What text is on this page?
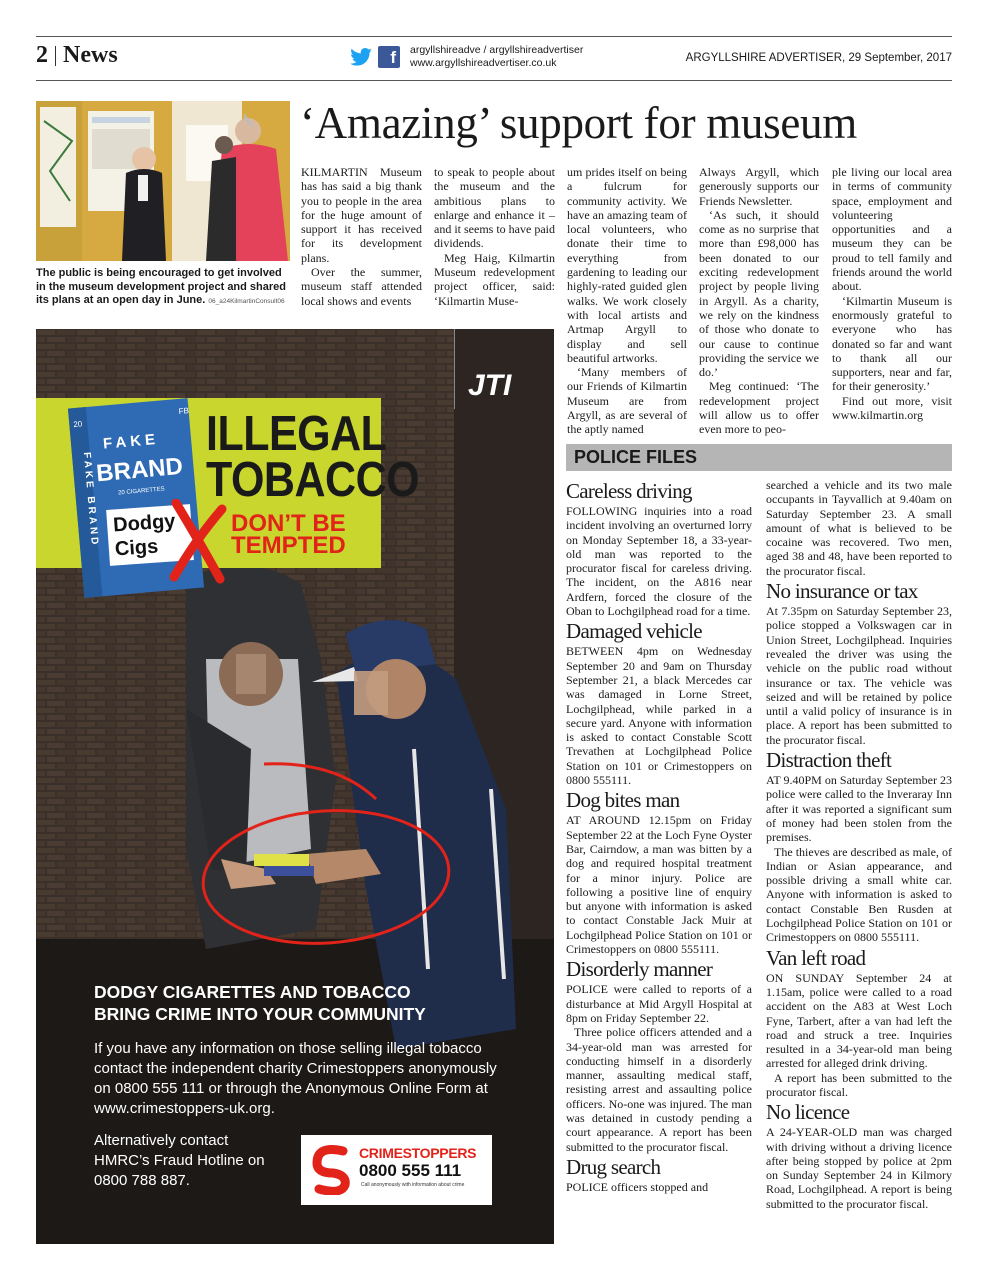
2 News	f argyllshireadve / argyllshireadvertiser
www.argyllshireadvertiser.co.uk	ARGYLLSHIRE ADVERTISER, 29 September, 2017
The public is being encouraged to get involved in the museum development project and shared its plans at an open day in June. 06_a24KilmartinConsult06
‘Amazing’ support for museum

KILMARTIN Museum has has said a big thank you to people in the area for the huge amount of support it has received for its development plans.

Over the summer, museum staff attended local shows and events

to speak to people about the museum and the ambitious plans to enlarge and enhance it – and it seems to have paid dividends.

Meg Haig, Kilmartin Museum redevelopment project officer, said: ‘Kilmartin Muse-

um prides itself on being a fulcrum for community activity. We have an amazing team of local volunteers, who donate their time to everything from gardening to leading our highly-rated guided glen walks. We work closely with local artists and Artmap Argyll to display and sell beautiful artworks.

‘Many members of our Friends of Kilmartin Museum are from Argyll, as are several of the aptly named

Always Argyll, which generously supports our Friends Newsletter.

‘As such, it should come as no surprise that more than £98,000 has been donated to our exciting redevelopment project by people living in Argyll. As a charity, we rely on the kindness of those who donate to our cause to continue providing the service we do.’

Meg continued: ‘The redevelopment project will allow us to offer even more to peo-

ple living our local area in terms of community space, employment and volunteering opportunities and a museum they can be proud to tell family and friends around the world about.

‘Kilmartin Museum is enormously grateful to everyone who has donated so far and want to thank all our supporters, near and far, for their generosity.’

Find out more, visit www.kilmartin.org

POLICE FILES
Careless driving

FOLLOWING inquiries into a road incident involving an overturned lorry on Monday September 18, a 33-year-old man was reported to the procurator fiscal for careless driving. The incident, on the A816 near Ardfern, forced the closure of the Oban to Lochgilphead road for a time.

Damaged vehicle

BETWEEN 4pm on Wednesday September 20 and 9am on Thursday September 21, a black Mercedes car was damaged in Lorne Street, Lochgilphead, while parked in a secure yard. Anyone with information is asked to contact Constable Scott Trevathen at Lochgilphead Police Station on 101 or Crimestoppers on 0800 555111.

Dog bites man

AT AROUND 12.15pm on Friday September 22 at the Loch Fyne Oyster Bar, Cairndow, a man was bitten by a dog and required hospital treatment for a minor injury. Police are following a positive line of enquiry but anyone with information is asked to contact Constable Jack Muir at Lochgilphead Police Station on 101 or Crimestoppers on 0800 555111.

Disorderly manner

POLICE were called to reports of a disturbance at Mid Argyll Hospital at 8pm on Friday September 22.

Three police officers attended and a 34-year-old man was arrested for conducting himself in a disorderly manner, assaulting medical staff, resisting arrest and assaulting police officers. No-one was injured. The man was detained in custody pending a court appearance. A report has been submitted to the procurator fiscal.

Drug search

POLICE officers stopped and

searched a vehicle and its two male occupants in Tayvallich at 9.40am on Saturday September 23. A small amount of what is believed to be cocaine was recovered. Two men, aged 38 and 48, have been reported to the procurator fiscal.

No insurance or tax

At 7.35pm on Saturday September 23, police stopped a Volkswagen car in Union Street, Lochgilphead. Inquiries revealed the driver was using the vehicle on the public road without insurance or tax. The vehicle was seized and will be retained by police until a valid policy of insurance is in place. A report has been submitted to the procurator fiscal.

Distraction theft

AT 9.40PM on Saturday September 23 police were called to the Inveraray Inn after it was reported a significant sum of money had been stolen from the premises.

The thieves are described as male, of Indian or Asian appearance, and possible driving a small white car. Anyone with information is asked to contact Constable Ben Rusden at Lochgilphead Police Station on 101 or Crimestoppers on 0800 555111.

Van left road

ON SUNDAY September 24 at 1.15am, police were called to a road accident on the A83 at West Loch Fyne, Tarbert, after a van had left the road and struck a tree. Inquiries resulted in a 34-year-old man being arrested for alleged drink driving.

A report has been submitted to the procurator fiscal.

No licence

A 24-YEAR-OLD man was charged with driving without a driving licence after being stopped by police at 2pm on Sunday September 24 in Kilmory Road, Lochgilphead. A report is being submitted to the procurator fiscal.

JTI
FAKE
BRAND
20 CIGARETTES
FB
20
FAKE BRAND
ILLEGAL
TOBACCO
Dodgy
Cigs
DON’T BE
TEMPTED
DODGY CIGARETTES AND TOBACCO
BRING CRIME INTO YOUR COMMUNITY
If you have any information on those selling illegal tobacco contact the independent charity Crimestoppers anonymously on 0800 555 111 or through the Anonymous Online Form at www.crimestoppers-uk.org.
Alternatively contact HMRC’s Fraud Hotline on 0800 788 887.
CRIMESTOPPERS
0800 555 111
Call anonymously with information about crime
